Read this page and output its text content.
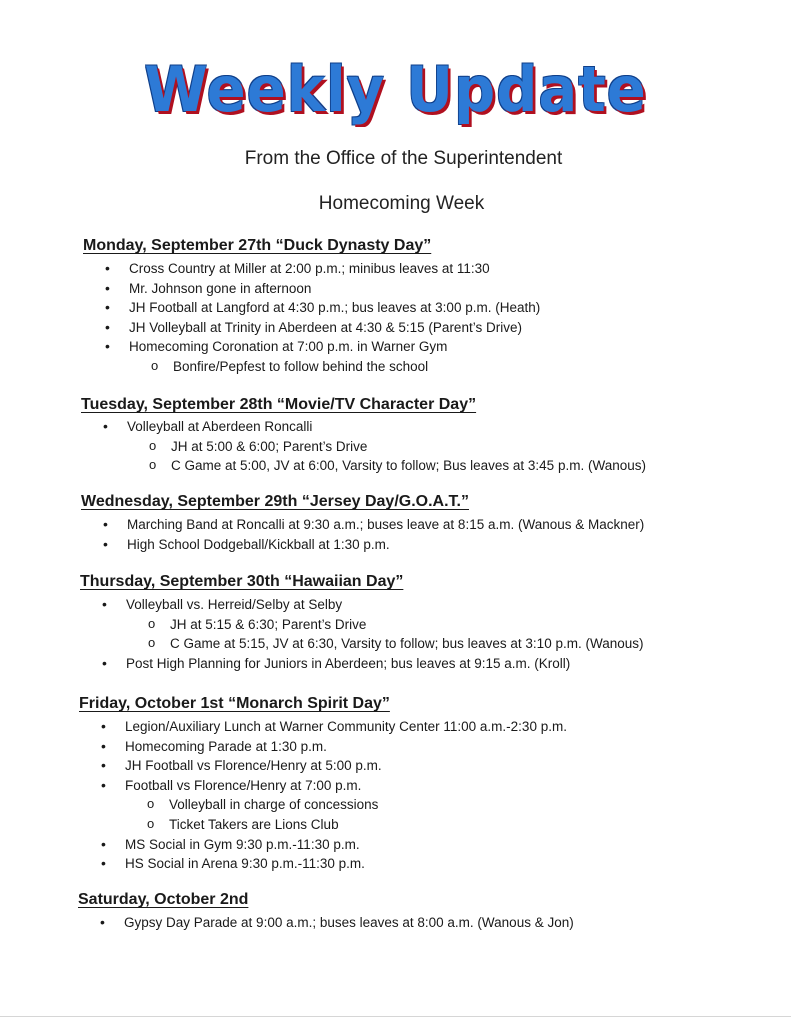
Weekly Update
From the Office of the Superintendent
Homecoming Week
Monday, September 27th “Duck Dynasty Day”
• Cross Country at Miller at 2:00 p.m.; minibus leaves at 11:30
• Mr. Johnson gone in afternoon
• JH Football at Langford at 4:30 p.m.; bus leaves at 3:00 p.m. (Heath)
• JH Volleyball at Trinity in Aberdeen at 4:30 & 5:15 (Parent’s Drive)
• Homecoming Coronation at 7:00 p.m. in Warner Gym
o Bonfire/Pepfest to follow behind the school
Tuesday, September 28th “Movie/TV Character Day”
• Volleyball at Aberdeen Roncalli
o JH at 5:00 & 6:00; Parent’s Drive
o C Game at 5:00, JV at 6:00, Varsity to follow; Bus leaves at 3:45 p.m. (Wanous)
Wednesday, September 29th “Jersey Day/G.O.A.T.”
• Marching Band at Roncalli at 9:30 a.m.; buses leave at 8:15 a.m. (Wanous & Mackner)
• High School Dodgeball/Kickball at 1:30 p.m.
Thursday, September 30th “Hawaiian Day”
• Volleyball vs. Herreid/Selby at Selby
o JH at 5:15 & 6:30; Parent’s Drive
o C Game at 5:15, JV at 6:30, Varsity to follow; bus leaves at 3:10 p.m. (Wanous)
• Post High Planning for Juniors in Aberdeen; bus leaves at 9:15 a.m. (Kroll)
Friday, October 1st “Monarch Spirit Day”
• Legion/Auxiliary Lunch at Warner Community Center 11:00 a.m.-2:30 p.m.
• Homecoming Parade at 1:30 p.m.
• JH Football vs Florence/Henry at 5:00 p.m.
• Football vs Florence/Henry at 7:00 p.m.
o Volleyball in charge of concessions
o Ticket Takers are Lions Club
• MS Social in Gym 9:30 p.m.-11:30 p.m.
• HS Social in Arena 9:30 p.m.-11:30 p.m.
Saturday, October 2nd
• Gypsy Day Parade at 9:00 a.m.; buses leaves at 8:00 a.m. (Wanous & Jon)
